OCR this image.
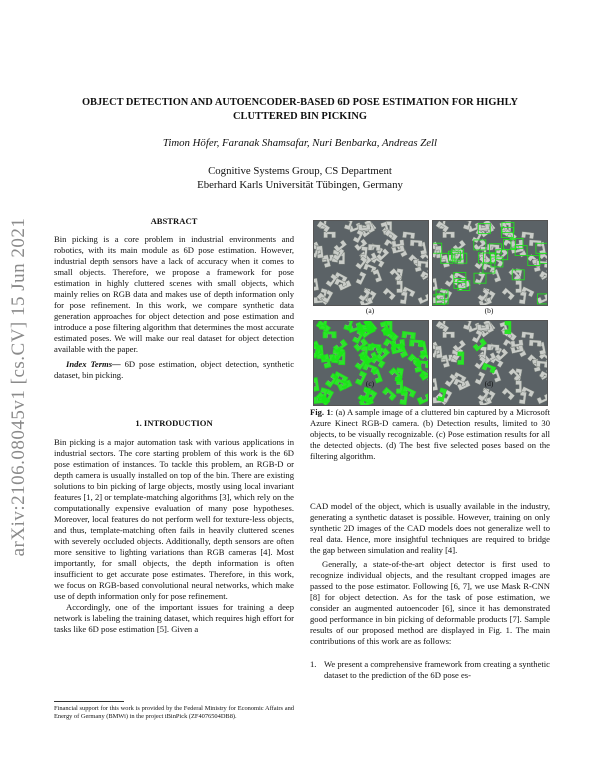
arXiv:2106.08045v1 [cs.CV] 15 Jun 2021
OBJECT DETECTION AND AUTOENCODER-BASED 6D POSE ESTIMATION FOR HIGHLY
CLUTTERED BIN PICKING
Timon Höfer, Faranak Shamsafar, Nuri Benbarka, Andreas Zell
Cognitive Systems Group, CS Department
Eberhard Karls Universität Tübingen, Germany
ABSTRACT

Bin picking is a core problem in industrial environments and robotics, with its main module as 6D pose estimation. However, industrial depth sensors have a lack of accuracy when it comes to small objects. Therefore, we propose a framework for pose estimation in highly cluttered scenes with small objects, which mainly relies on RGB data and makes use of depth information only for pose refinement. In this work, we compare synthetic data generation approaches for object detection and pose estimation and introduce a pose filtering algorithm that determines the most accurate estimated poses. We will make our real dataset for object detection available with the paper.

Index Terms— 6D pose estimation, object detection, synthetic dataset, bin picking.

1. INTRODUCTION

Bin picking is a major automation task with various applications in industrial sectors. The core starting problem of this work is the 6D pose estimation of instances. To tackle this problem, an RGB-D or depth camera is usually installed on top of the bin. There are existing solutions to bin picking of large objects, mostly using local invariant features [1, 2] or template-matching algorithms [3], which rely on the computationally expensive evaluation of many pose hypotheses. Moreover, local features do not perform well for texture-less objects, and thus, template-matching often fails in heavily cluttered scenes with severely occluded objects. Additionally, depth sensors are often more sensitive to lighting variations than RGB cameras [4]. Most importantly, for small objects, the depth information is often insufficient to get accurate pose estimates. Therefore, in this work, we focus on RGB-based convolutional neural networks, which make use of depth information only for pose refinement.

Accordingly, one of the important issues for training a deep network is labeling the training dataset, which requires high effort for tasks like 6D pose estimation [5]. Given a

Financial support for this work is provided by the Federal Ministry for Economic Affairs and Energy of Germany (BMWi) in the project iBinPick (ZF4076504DB8).
(a)	(b)
(c)	(d)
Fig. 1: (a) A sample image of a cluttered bin captured by a Microsoft Azure Kinect RGB-D camera. (b) Detection results, limited to 30 objects, to be visually recognizable. (c) Pose estimation results for all the detected objects. (d) The best five selected poses based on the filtering algorithm.

CAD model of the object, which is usually available in the industry, generating a synthetic dataset is possible. However, training on only synthetic 2D images of the CAD models does not generalize well to real data. Hence, more insightful techniques are required to bridge the gap between simulation and reality [4].

Generally, a state-of-the-art object detector is first used to recognize individual objects, and the resultant cropped images are passed to the pose estimator. Following [6, 7], we use Mask R-CNN [8] for object detection. As for the task of pose estimation, we consider an augmented autoencoder [6], since it has demonstrated good performance in bin picking of deformable products [7]. Sample results of our proposed method are displayed in Fig. 1. The main contributions of this work are as follows:

1. We present a comprehensive framework from creating a synthetic dataset to the prediction of the 6D pose es-
